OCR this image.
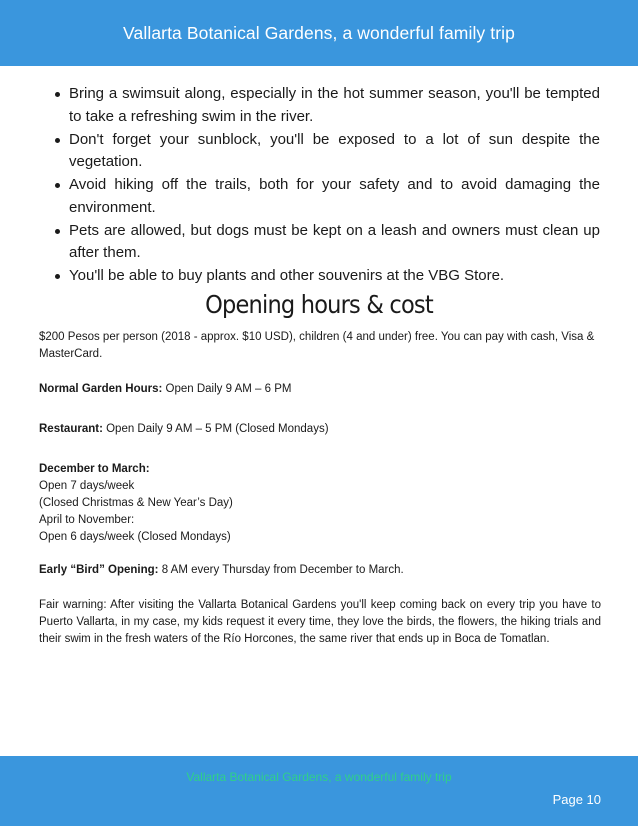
Vallarta Botanical Gardens, a wonderful family trip
Bring a swimsuit along, especially in the hot summer season, you'll be tempted to take a refreshing swim in the river.
Don't forget your sunblock, you'll be exposed to a lot of sun despite the vegetation.
Avoid hiking off the trails, both for your safety and to avoid damaging the environment.
Pets are allowed, but dogs must be kept on a leash and owners must clean up after them.
You'll be able to buy plants and other souvenirs at the VBG Store.
Opening hours & cost
$200 Pesos per person (2018 - approx. $10 USD), children (4 and under) free. You can pay with cash, Visa & MasterCard.
Normal Garden Hours: Open Daily 9 AM – 6 PM
Restaurant: Open Daily 9 AM – 5 PM (Closed Mondays)
December to March:
Open 7 days/week
(Closed Christmas & New Year’s Day)
April to November:
Open 6 days/week (Closed Mondays)
Early “Bird” Opening: 8 AM every Thursday from December to March.
Fair warning: After visiting the Vallarta Botanical Gardens you'll keep coming back on every trip you have to Puerto Vallarta, in my case, my kids request it every time, they love the birds, the flowers, the hiking trials and their swim in the fresh waters of the Río Horcones, the same river that ends up in Boca de Tomatlan.
Vallarta Botanical Gardens, a wonderful family trip
Page 10
